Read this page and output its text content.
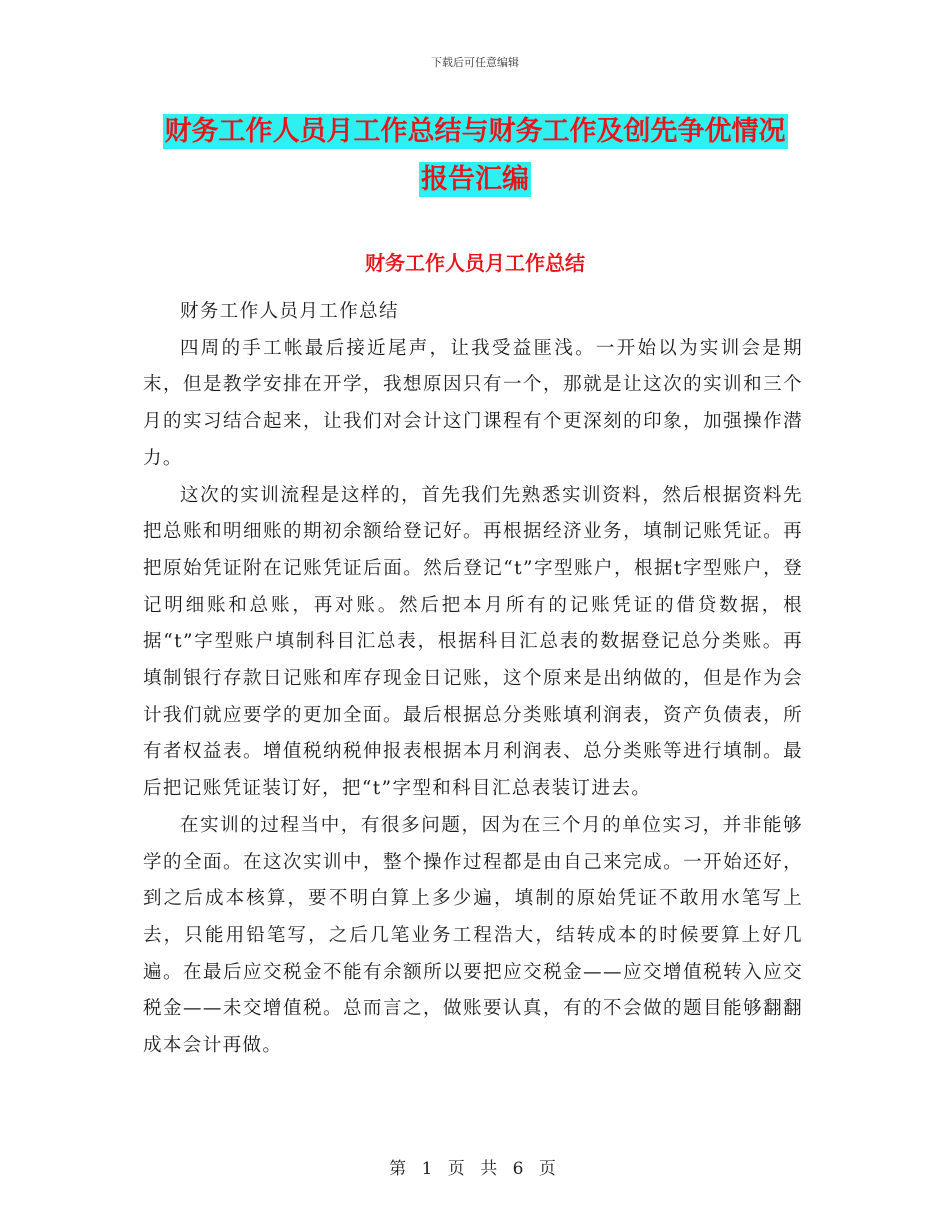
下载后可任意编辑
财务工作人员月工作总结与财务工作及创先争优情况
报告汇编
财务工作人员月工作总结

财务工作人员月工作总结

四周的手工帐最后接近尾声，让我受益匪浅。一开始以为实训会是期末，但是教学安排在开学，我想原因只有一个，那就是让这次的实训和三个月的实习结合起来，让我们对会计这门课程有个更深刻的印象，加强操作潜力。

这次的实训流程是这样的，首先我们先熟悉实训资料，然后根据资料先把总账和明细账的期初余额给登记好。再根据经济业务，填制记账凭证。再把原始凭证附在记账凭证后面。然后登记“t”字型账户，根据t字型账户，登记明细账和总账，再对账。然后把本月所有的记账凭证的借贷数据，根据“t”字型账户填制科目汇总表，根据科目汇总表的数据登记总分类账。再填制银行存款日记账和库存现金日记账，这个原来是出纳做的，但是作为会计我们就应要学的更加全面。最后根据总分类账填利润表，资产负债表，所有者权益表。增值税纳税伸报表根据本月利润表、总分类账等进行填制。最后把记账凭证装订好，把“t”字型和科目汇总表装订进去。

在实训的过程当中，有很多问题，因为在三个月的单位实习，并非能够学的全面。在这次实训中，整个操作过程都是由自己来完成。一开始还好，到之后成本核算，要不明白算上多少遍，填制的原始凭证不敢用水笔写上去，只能用铅笔写，之后几笔业务工程浩大，结转成本的时候要算上好几遍。在最后应交税金不能有余额所以要把应交税金——应交增值税转入应交税金——未交增值税。总而言之，做账要认真，有的不会做的题目能够翻翻成本会计再做。

第 1 页 共 6 页
